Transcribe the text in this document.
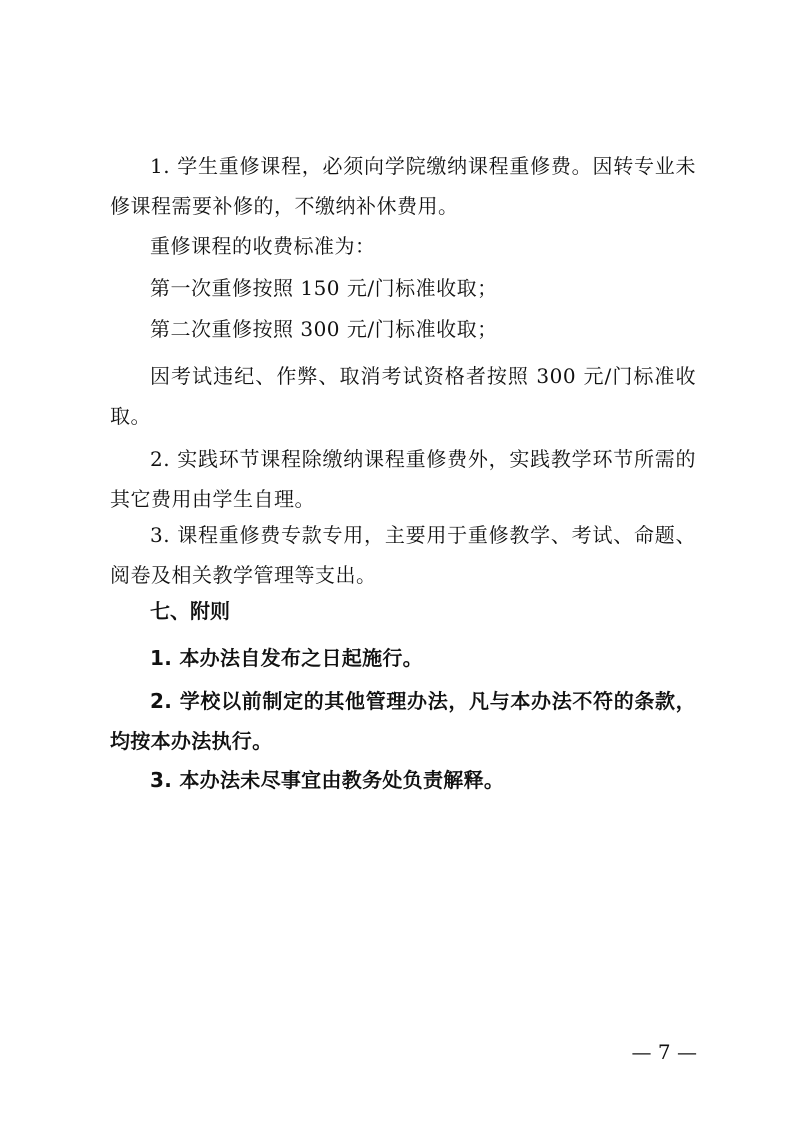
1. 学生重修课程，必须向学院缴纳课程重修费。因转专业未修课程需要补修的，不缴纳补休费用。

重修课程的收费标准为：

第一次重修按照 150 元/门标准收取；

第二次重修按照 300 元/门标准收取；

因考试违纪、作弊、取消考试资格者按照 300 元/门标准收取。

2. 实践环节课程除缴纳课程重修费外，实践教学环节所需的其它费用由学生自理。

3. 课程重修费专款专用，主要用于重修教学、考试、命题、阅卷及相关教学管理等支出。

七、附则

1. 本办法自发布之日起施行。

2. 学校以前制定的其他管理办法，凡与本办法不符的条款，均按本办法执行。

3. 本办法未尽事宜由教务处负责解释。

— 7 —
